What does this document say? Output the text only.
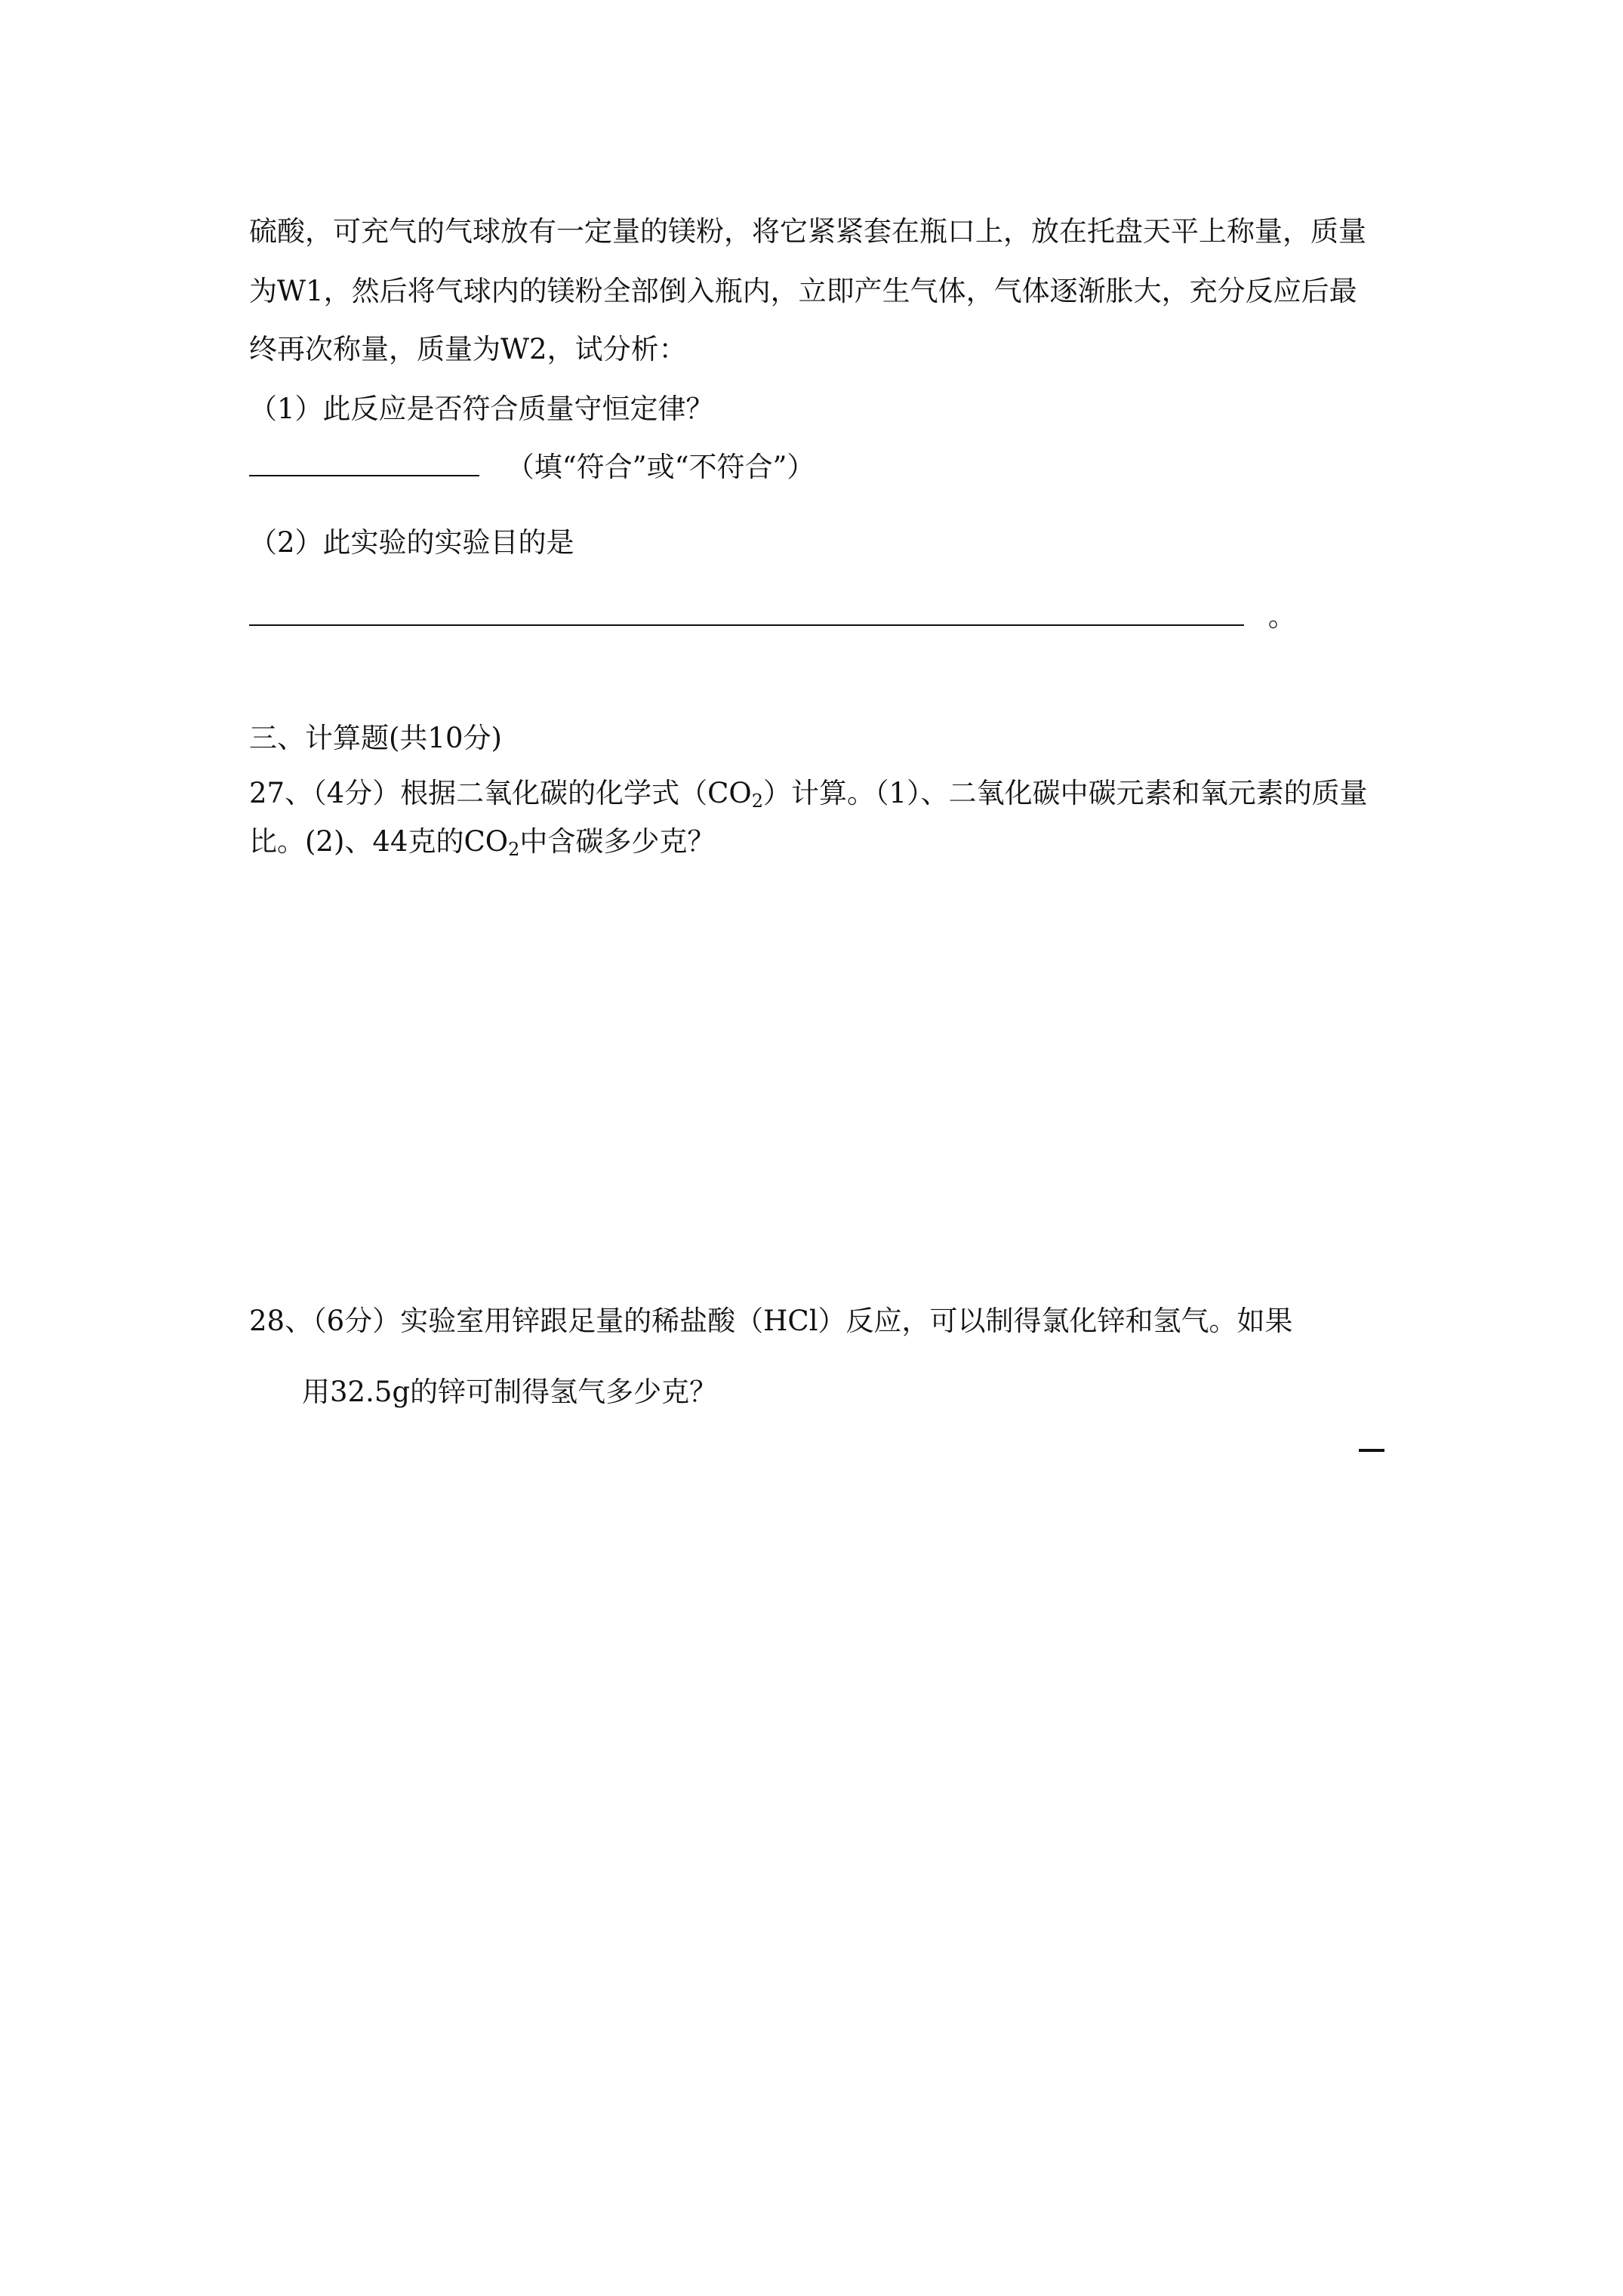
硫酸，可充气的气球放有一定量的镁粉，将它紧紧套在瓶口上，放在托盘天平上称量，质量
为W1，然后将气球内的镁粉全部倒入瓶内，立即产生气体，气体逐渐胀大，充分反应后最
终再次称量，质量为W2，试分析：
（1）此反应是否符合质量守恒定律？
（填“符合”或“不符合”）
（2）此实验的实验目的是
。
三、计算题(共10分)
27、（4分）根据二氧化碳的化学式$(CO_2)$计算。（1）、二氧化碳中碳元素和氧元素的质量
比。(2)、44克的$CO_2$中含碳多少克？
28、（6分）实验室用锌跟足量的稀盐酸（HCl）反应，可以制得氯化锌和氢气。如果
用32.5g的锌可制得氢气多少克？
